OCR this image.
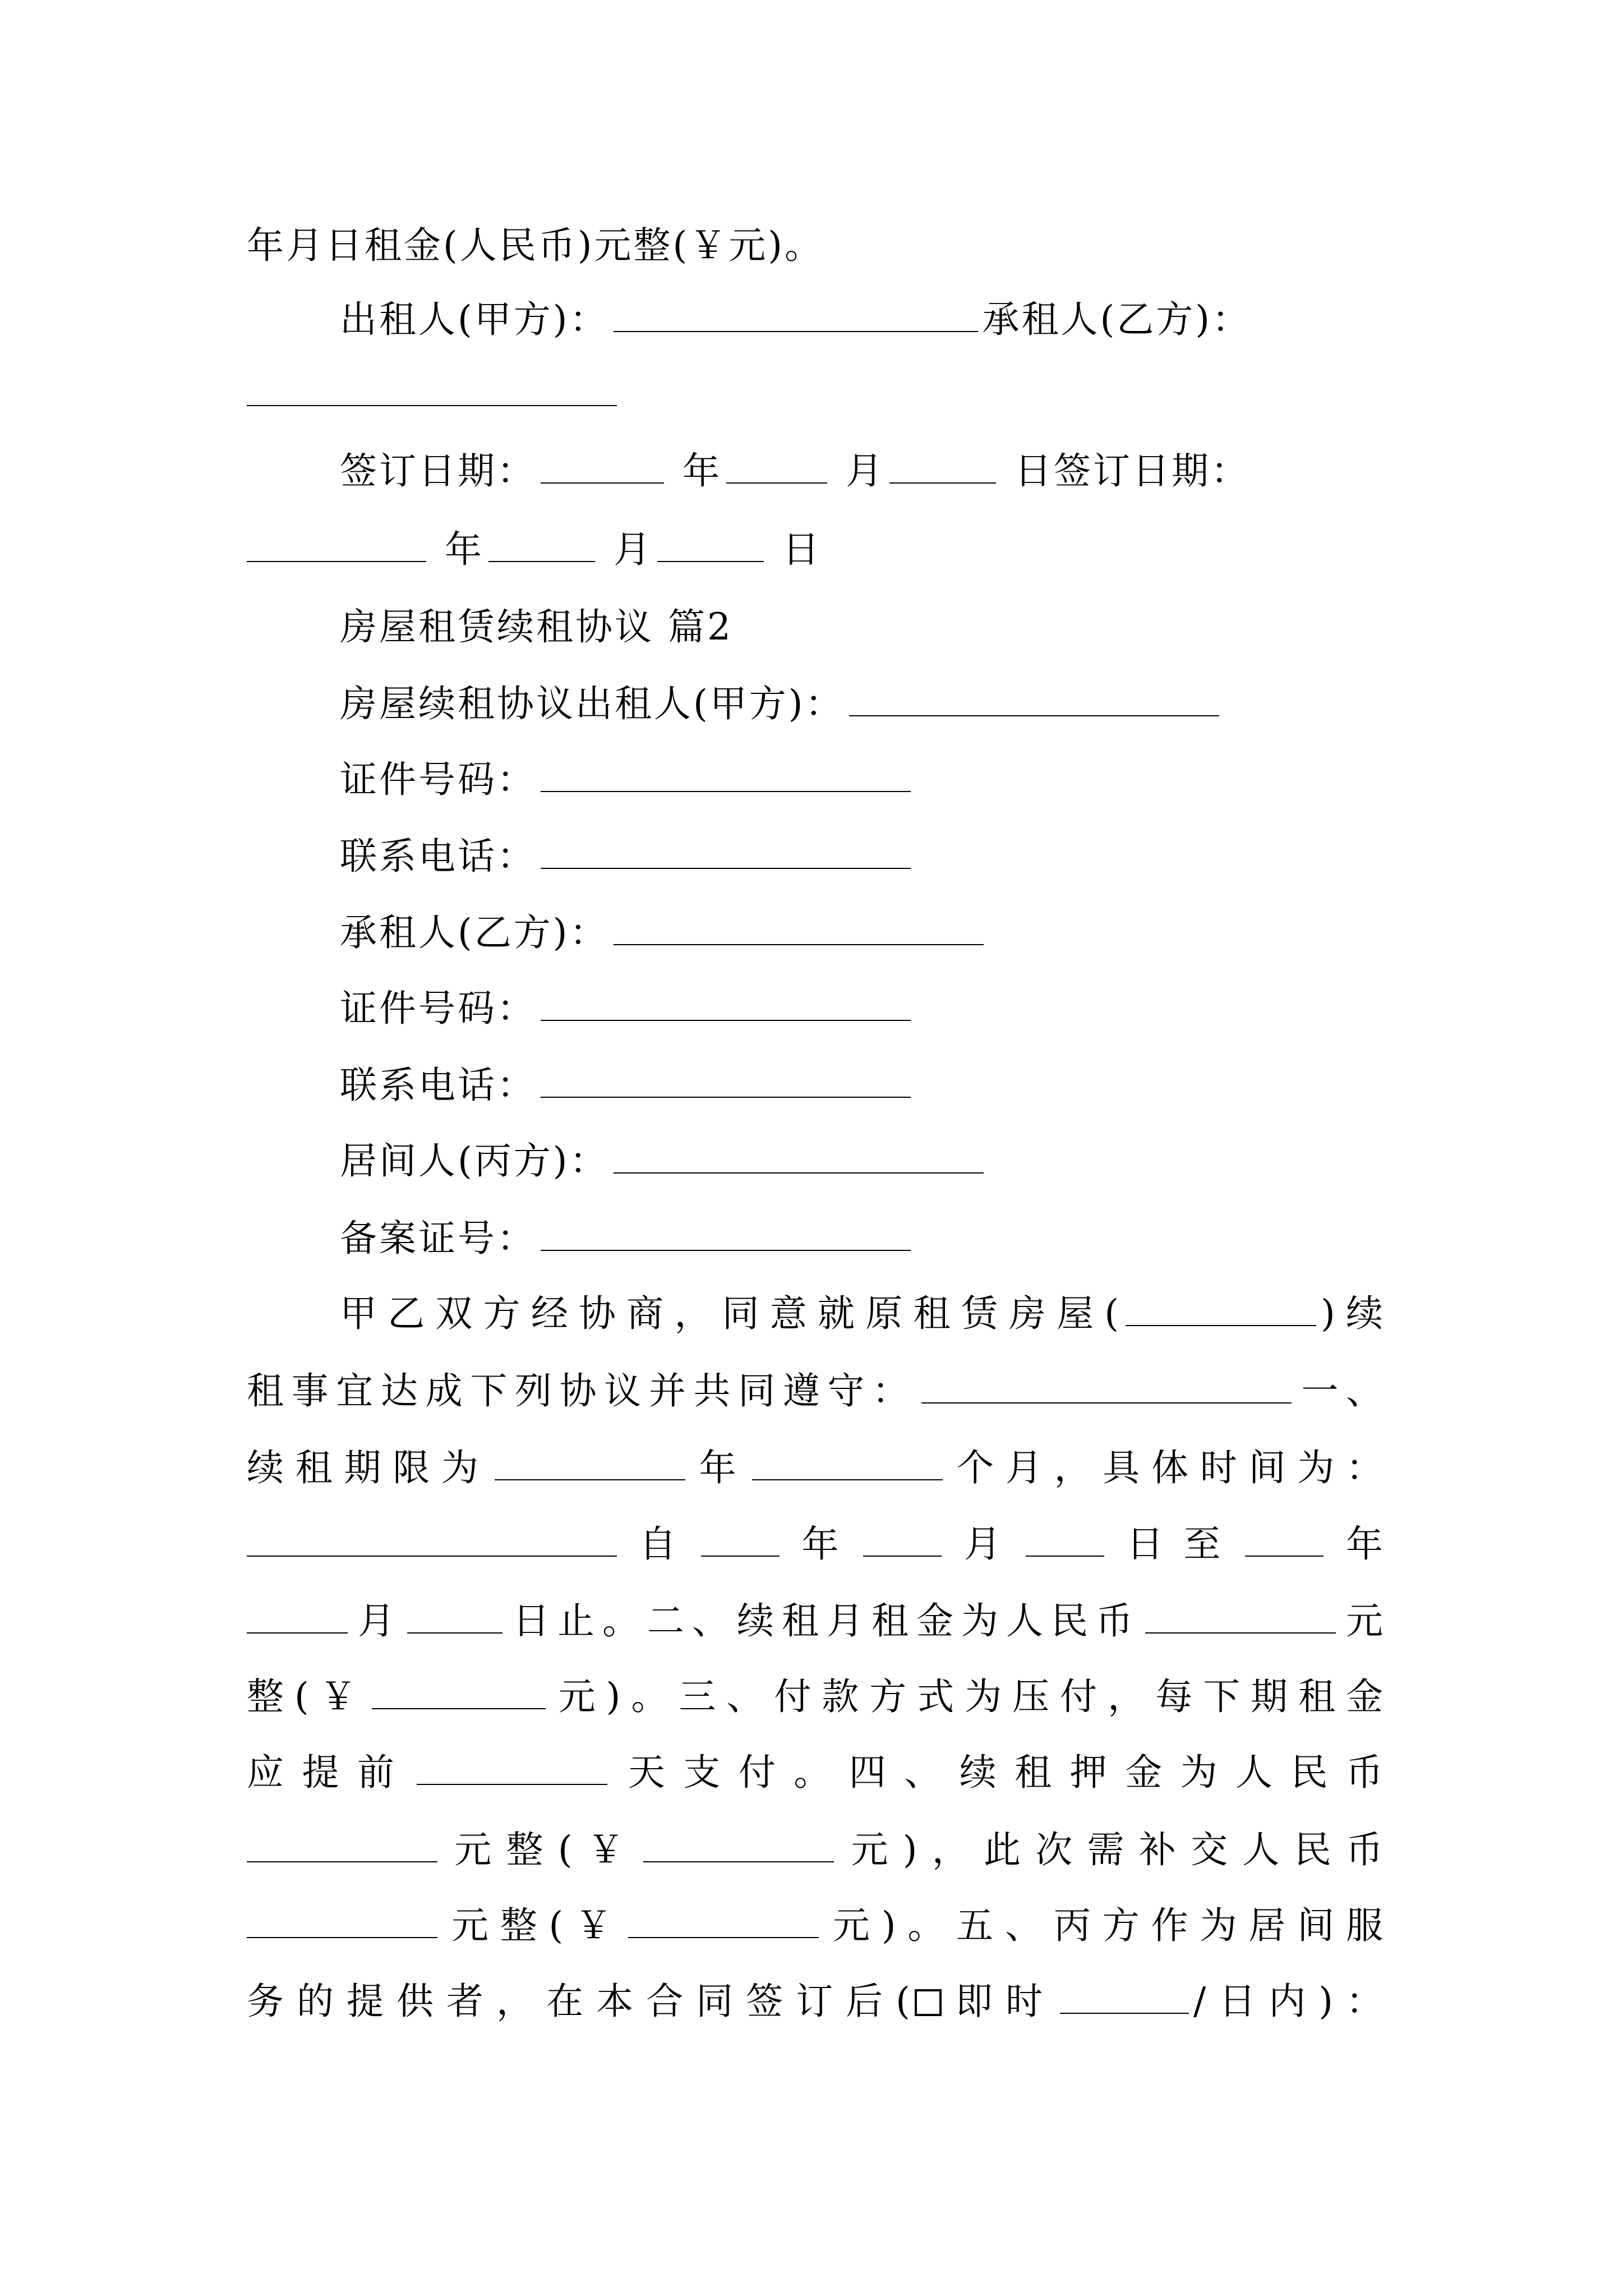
年月日租金(人民币)元整(￥元)。
出租人(甲方)：	承租人(乙方)：
签订日期：	年	月	日签订日期：
年	月	日
房屋租赁续租协议 篇2
房屋续租协议出租人(甲方)：
证件号码：
联系电话：
承租人(乙方)：
证件号码：
联系电话：
居间人(丙方)：
备案证号：
甲乙双方经协商，同意就原租赁房屋(	)续
租事宜达成下列协议并共同遵守：	一、
续租期限为	年	个月，具体时间为：
自 年 月 日至 年
月	日止。二、续租月租金为人民币	元
整(￥	元)。三、付款方式为压付，每下期租金
应提前	天支付。四、续租押金为人民币
元整(￥	元)，此次需补交人民币
元整(￥	元)。五、丙方作为居间服
务的提供者，在本合同签订后( 即时	/日内)：
